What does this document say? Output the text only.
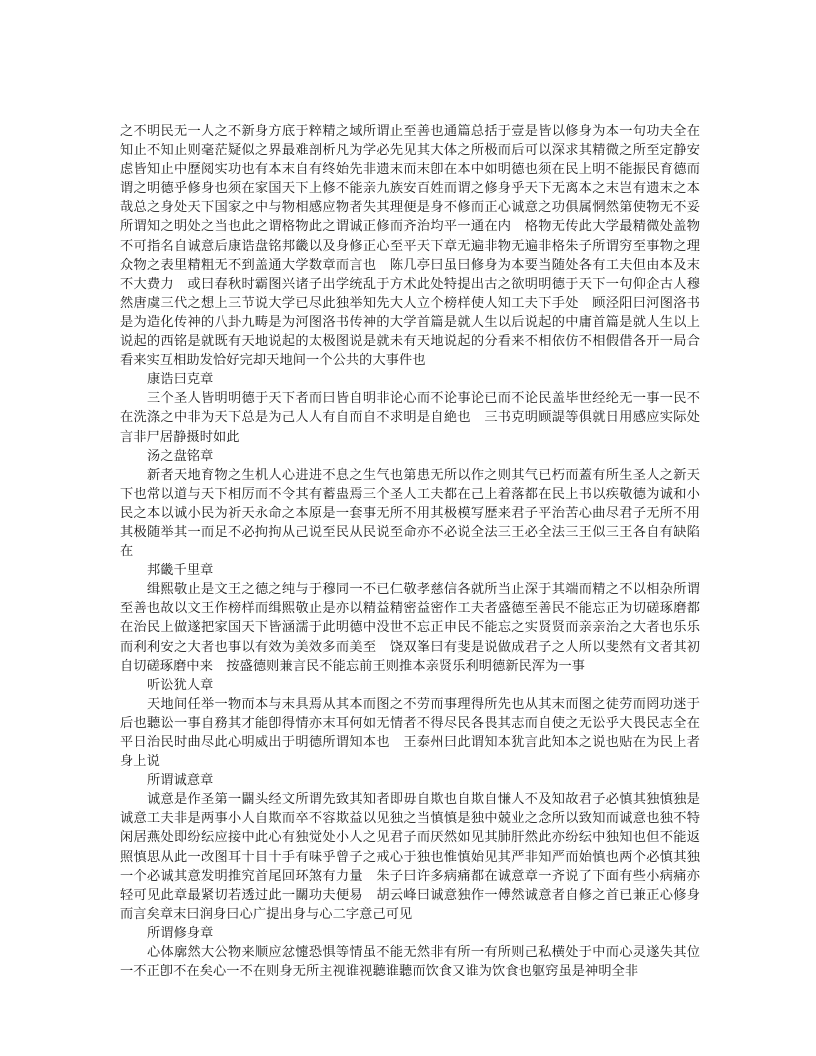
之不明民无一人之不新身方底于粹精之域所谓止至善也通篇总括于壹是皆以修身为本一句功夫全在知止不知止则毫茫疑似之界最难剖析凡为学必先见其大体之所极而后可以深求其精微之所至定静安虑皆知止中歷阅实功也有本末自有终始先非遗末而末卽在本中如明德也须在民上明不能振民育德而谓之明德乎修身也须在家国天下上修不能亲九族安百姓而谓之修身乎天下无离本之末岂有遗末之本哉总之身处天下国家之中与物相感应物者失其理便是身不修而正心诚意之功俱属惘然第使物无不妥所谓知之明处之当也此之谓格物此之谓诚正修而齐治均平一通在内　格物无传此大学最精微处盖物不可指名自诚意后康诰盘铭邦畿以及身修正心至平天下章无遍非物无遍非格朱子所谓穷至事物之理众物之表里精粗无不到盖通大学数章而言也　陈几亭曰虽曰修身为本要当随处各有工夫但由本及末不大费力　或曰春秋时霸图兴诸子出学统乱于方术此处特提出古之欲明明德于天下一句仰企古人穆然唐虞三代之想上三节说大学已尽此独举知先大人立个榜样使人知工夫下手处　顾泾阳曰河图洛书是为造化传神的八卦九畴是为河图洛书传神的大学首篇是就人生以后说起的中庸首篇是就人生以上说起的西铭是就既有天地说起的太极图说是就未有天地说起的分看来不相依仿不相假借各开一局合看来实互相助发恰好完却天地间一个公共的大事件也

康诰曰克章

三个圣人皆明明德于天下者而曰皆自明非论心而不论事论已而不论民盖毕世经纶无一事一民不在洗涤之中非为天下总是为己人人有自而自不求明是自絶也　三书克明顾諟等俱就日用感应实际处言非尸居静摄时如此

汤之盘铭章

新者天地育物之生机人心进进不息之生气也第患无所以作之则其气已朽而蓋有所生圣人之新天下也常以道与天下相厉而不令其有蓄蛊焉三个圣人工夫都在己上着落都在民上书以疾敬德为诚和小民之本以诚小民为祈天永命之本原是一套事无所不用其极模写歴来君子平治苦心曲尽君子无所不用其极随举其一而足不必拘拘从己说至民从民说至命亦不必说全法三王必全法三王似三王各自有缺陷在

邦畿千里章

缉熙敬止是文王之德之纯与于穆同一不已仁敬孝慈信各就所当止深于其端而精之不以相杂所谓至善也故以文王作榜样而缉熙敬止是亦以精益精密益密作工夫者盛德至善民不能忘正为切磋琢磨都在治民上做遂把家国天下皆涵濡于此明德中没世不忘正申民不能忘之实贤贤而亲亲治之大者也乐乐而利利安之大者也事以有效为美效多而美至　饶双峯曰有斐是说做成君子之人所以斐然有文者其初自切磋琢磨中来　按盛德则兼言民不能忘前王则推本亲贤乐利明德新民浑为一事

听讼犹人章

天地间任举一物而本与末具焉从其本而图之不劳而事理得所先也从其末而图之徒劳而罔功迷于后也聽讼一事自務其才能卽得情亦末耳何如无情者不得尽民各畏其志而自使之无讼乎大畏民志全在平日治民时曲尽此心明威出于明德所谓知本也　王泰州曰此谓知本犹言此知本之说也贴在为民上者身上说

所谓诚意章

诚意是作圣第一闢头经文所谓先致其知者即毋自欺也自欺自慊人不及知故君子必慎其独慎独是诚意工夫非是两事小人自欺而卒不容欺益以见独之当慎慎是独中兢业之念所以致知而诚意也独不特闲居燕处即纷纭应接中此心有独觉处小人之见君子而厌然如见其肺肝然此亦纷纭中独知也但不能返照慎思从此一改图耳十目十手有味乎曾子之戒心于独也惟慎始见其严非知严而始慎也两个必慎其独一个必诚其意发明推究首尾回环煞有力量　朱子曰许多病痛都在诚意章一齐说了下面有些小病痛亦轻可见此章最紧切若透过此一關功夫便易　胡云峰曰诚意独作一傅然诚意者自修之首已兼正心修身而言矣章末曰润身曰心广提出身与心二字意己可见

所谓修身章

心体廓然大公物来顺应忿懥恐惧等情虽不能无然非有所一有所则己私横处于中而心灵遂失其位一不正卽不在矣心一不在则身无所主视谁视聽谁聽而饮食又谁为饮食也躯窍虽是神明全非
